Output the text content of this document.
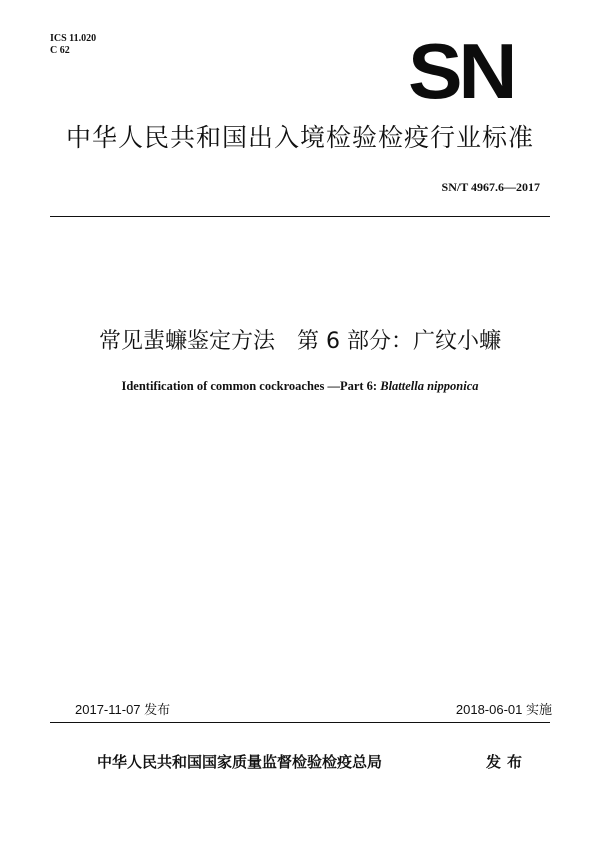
ICS 11.020
C 62	SN
中华人民共和国出入境检验检疫行业标准
SN/T 4967.6—2017
常见蜚蠊鉴定方法　第 6 部分：广纹小蠊
Identification of common cockroaches —Part 6: Blattella nipponica
2017-11-07 发布	2018-06-01 实施
中华人民共和国国家质量监督检验检疫总局	发布
